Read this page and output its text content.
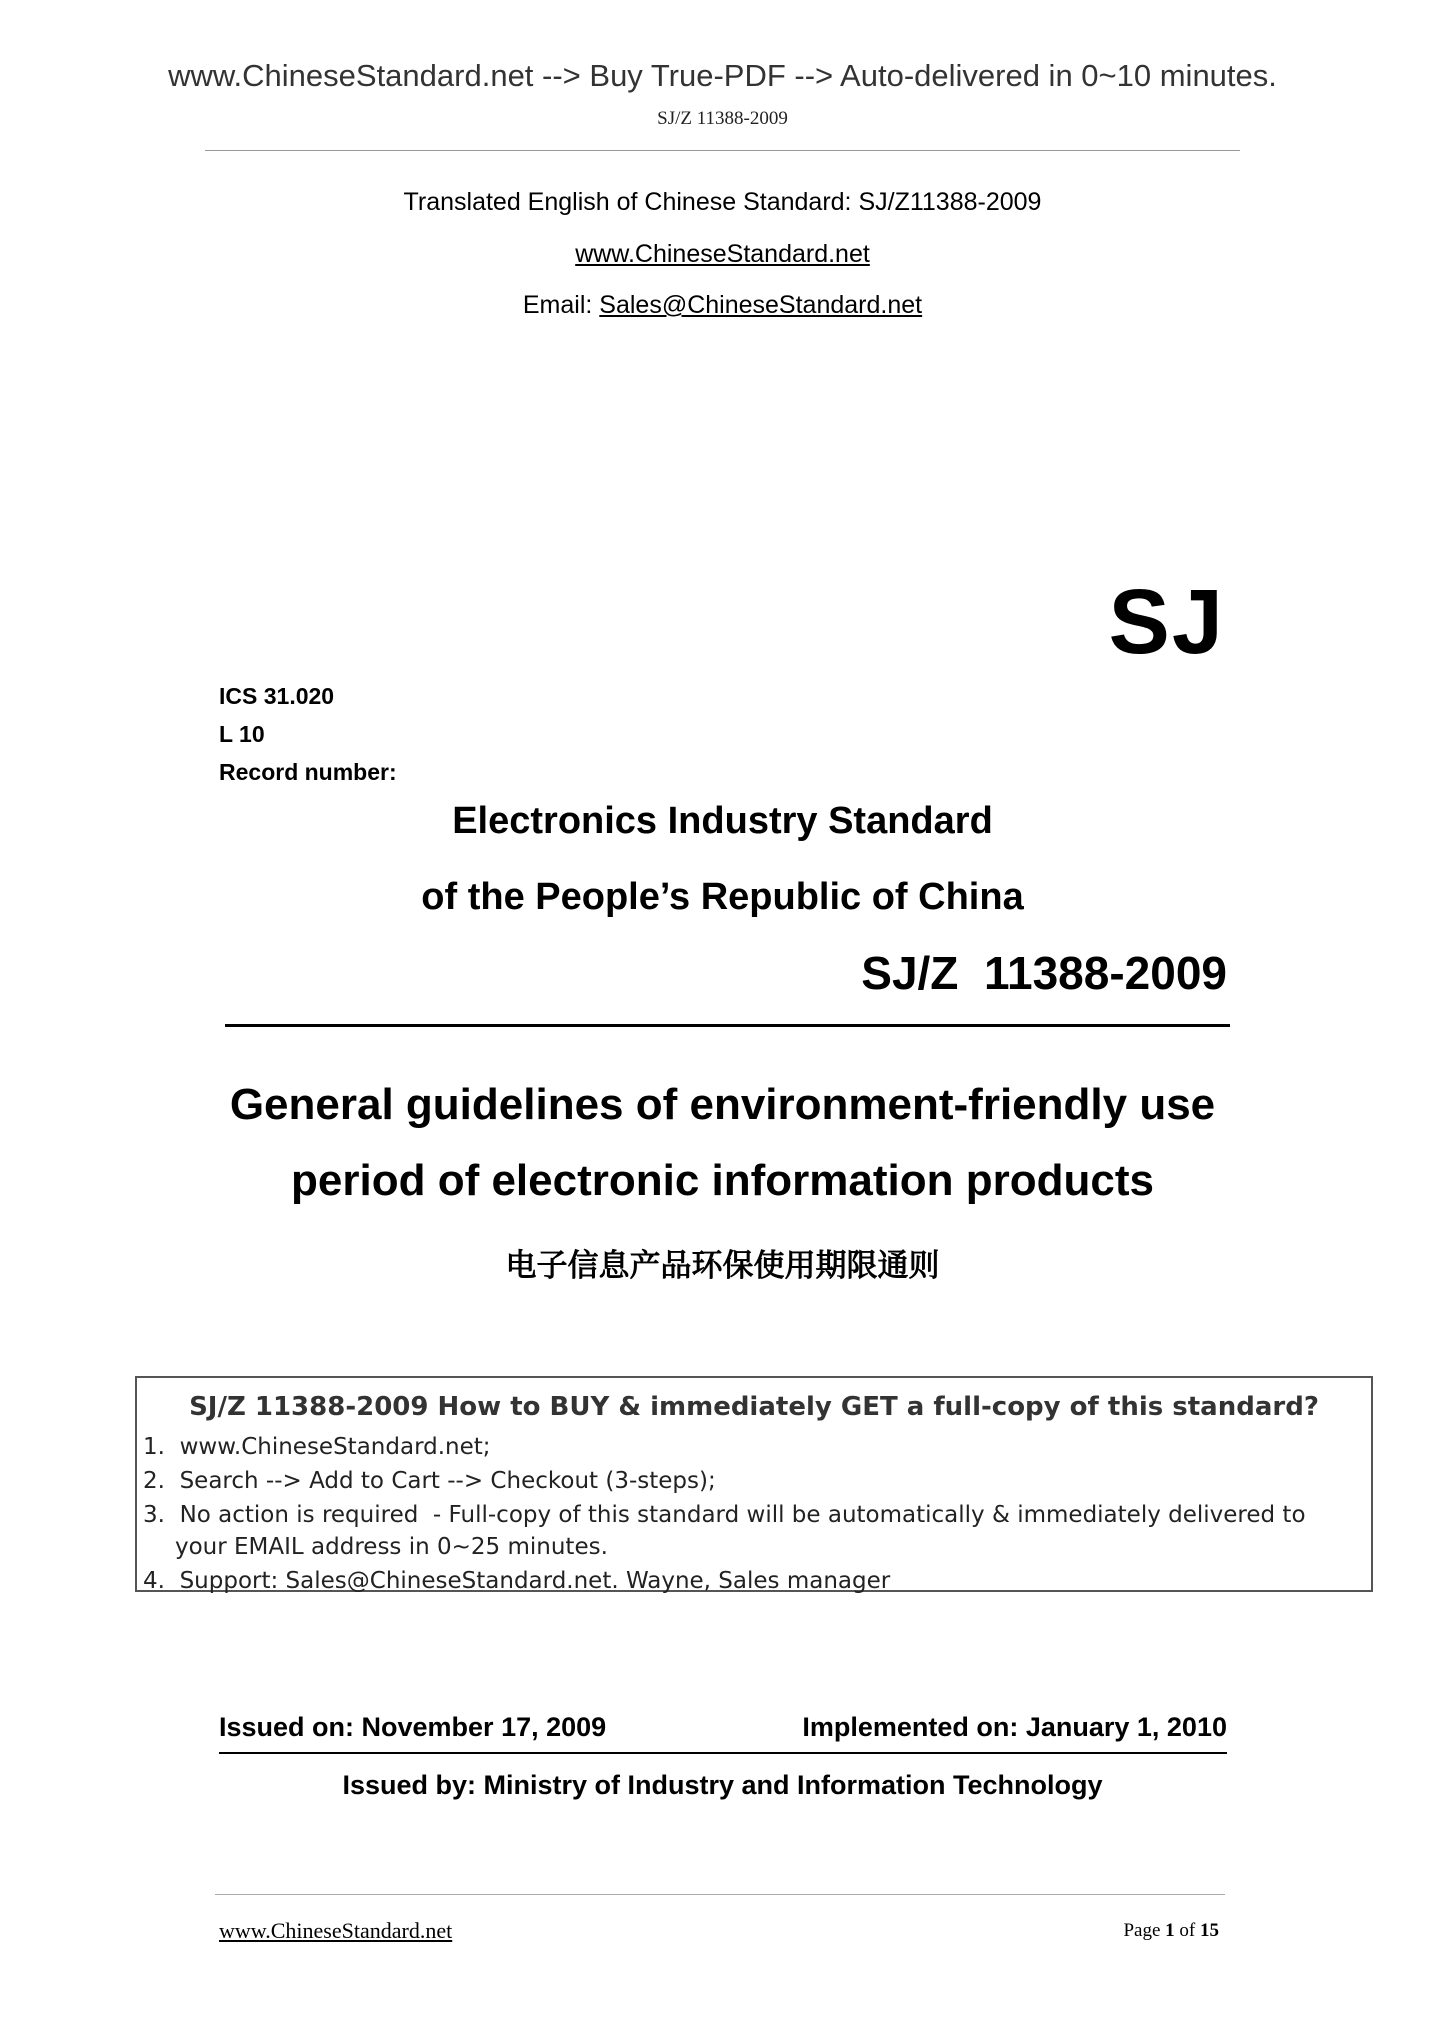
www.ChineseStandard.net --> Buy True-PDF --> Auto-delivered in 0~10 minutes.
SJ/Z 11388-2009
Translated English of Chinese Standard: SJ/Z11388-2009
www.ChineseStandard.net
Email: Sales@ChineseStandard.net
SJ
ICS 31.020
L 10
Record number:
Electronics Industry Standard
of the People’s Republic of China
SJ/Z  11388-2009
General guidelines of environment-friendly use
period of electronic information products
电子信息产品环保使用期限通则
SJ/Z 11388-2009 How to BUY & immediately GET a full-copy of this standard?
1.  www.ChineseStandard.net;
2.  Search --> Add to Cart --> Checkout (3-steps);
3.  No action is required  - Full-copy of this standard will be automatically & immediately delivered to
your EMAIL address in 0~25 minutes.
4.  Support: Sales@ChineseStandard.net. Wayne, Sales manager
Issued on: November 17, 2009	Implemented on: January 1, 2010
Issued by: Ministry of Industry and Information Technology
www.ChineseStandard.net	Page 1 of 15
